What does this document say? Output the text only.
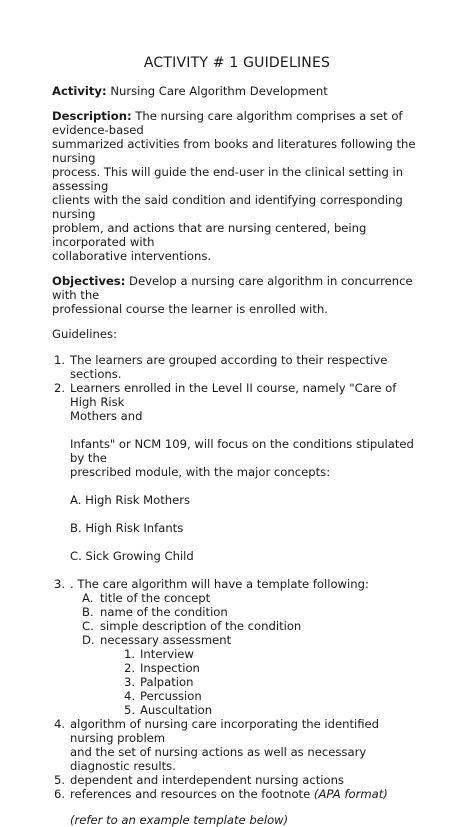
ACTIVITY # 1 GUIDELINES

Activity: Nursing Care Algorithm Development

Description: The nursing care algorithm comprises a set of evidence-based

summarized activities from books and literatures following the nursing

process. This will guide the end-user in the clinical setting in assessing

clients with the said condition and identifying corresponding nursing

problem, and actions that are nursing centered, being incorporated with

collaborative interventions.

Objectives: Develop a nursing care algorithm in concurrence with the

professional course the learner is enrolled with.

Guidelines:

1. The learners are grouped according to their respective sections.
2. Learners enrolled in the Level II course, namely "Care of High Risk

Mothers and

Infants" or NCM 109, will focus on the conditions stipulated by the

prescribed module, with the major concepts:

A. High Risk Mothers

B. High Risk Infants

C. Sick Growing Child

3. . The care algorithm will have a template following:
A. title of the concept
B. name of the condition
C. simple description of the condition
D. necessary assessment
1. Interview
2. Inspection
3. Palpation
4. Percussion
5. Auscultation
4. algorithm of nursing care incorporating the identified nursing problem

and the set of nursing actions as well as necessary diagnostic results.

5. dependent and interdependent nursing actions
6. references and resources on the footnote (APA format)

(refer to an example template below)
